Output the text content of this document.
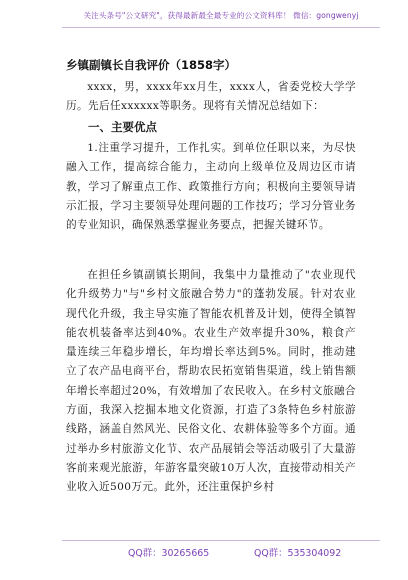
关注头条号"公文研究"，获得最新最全最专业的公文资料库！ 微信：gongwenyj
乡镇副镇长自我评价（1858字）
xxxx，男，xxxx年xx月生，xxxx人，省委党校大学学历。先后任xxxxxx等职务。现将有关情况总结如下：
一、主要优点
1.注重学习提升，工作扎实。到单位任职以来，为尽快融入工作，提高综合能力，主动向上级单位及周边区市请教，学习了解重点工作、政策推行方向；积极向主要领导请示汇报，学习主要领导处理问题的工作技巧；学习分管业务的专业知识，确保熟悉掌握业务要点，把握关键环节。
在担任乡镇副镇长期间，我集中力量推动了"农业现代化升级势力"与"乡村文旅融合势力"的蓬勃发展。针对农业现代化升级，我主导实施了智能农机普及计划，使得全镇智能农机装备率达到40%。农业生产效率提升30%，粮食产量连续三年稳步增长，年均增长率达到5%。同时，推动建立了农产品电商平台，帮助农民拓宽销售渠道，线上销售额年增长率超过20%，有效增加了农民收入。在乡村文旅融合方面，我深入挖掘本地文化资源，打造了3条特色乡村旅游线路，涵盖自然风光、民俗文化、农耕体验等多个方面。通过举办乡村旅游文化节、农产品展销会等活动吸引了大量游客前来观光旅游，年游客量突破10万人次，直接带动相关产业收入近500万元。此外，还注重保护乡村
QQ群：30265665	QQ群：535304092
